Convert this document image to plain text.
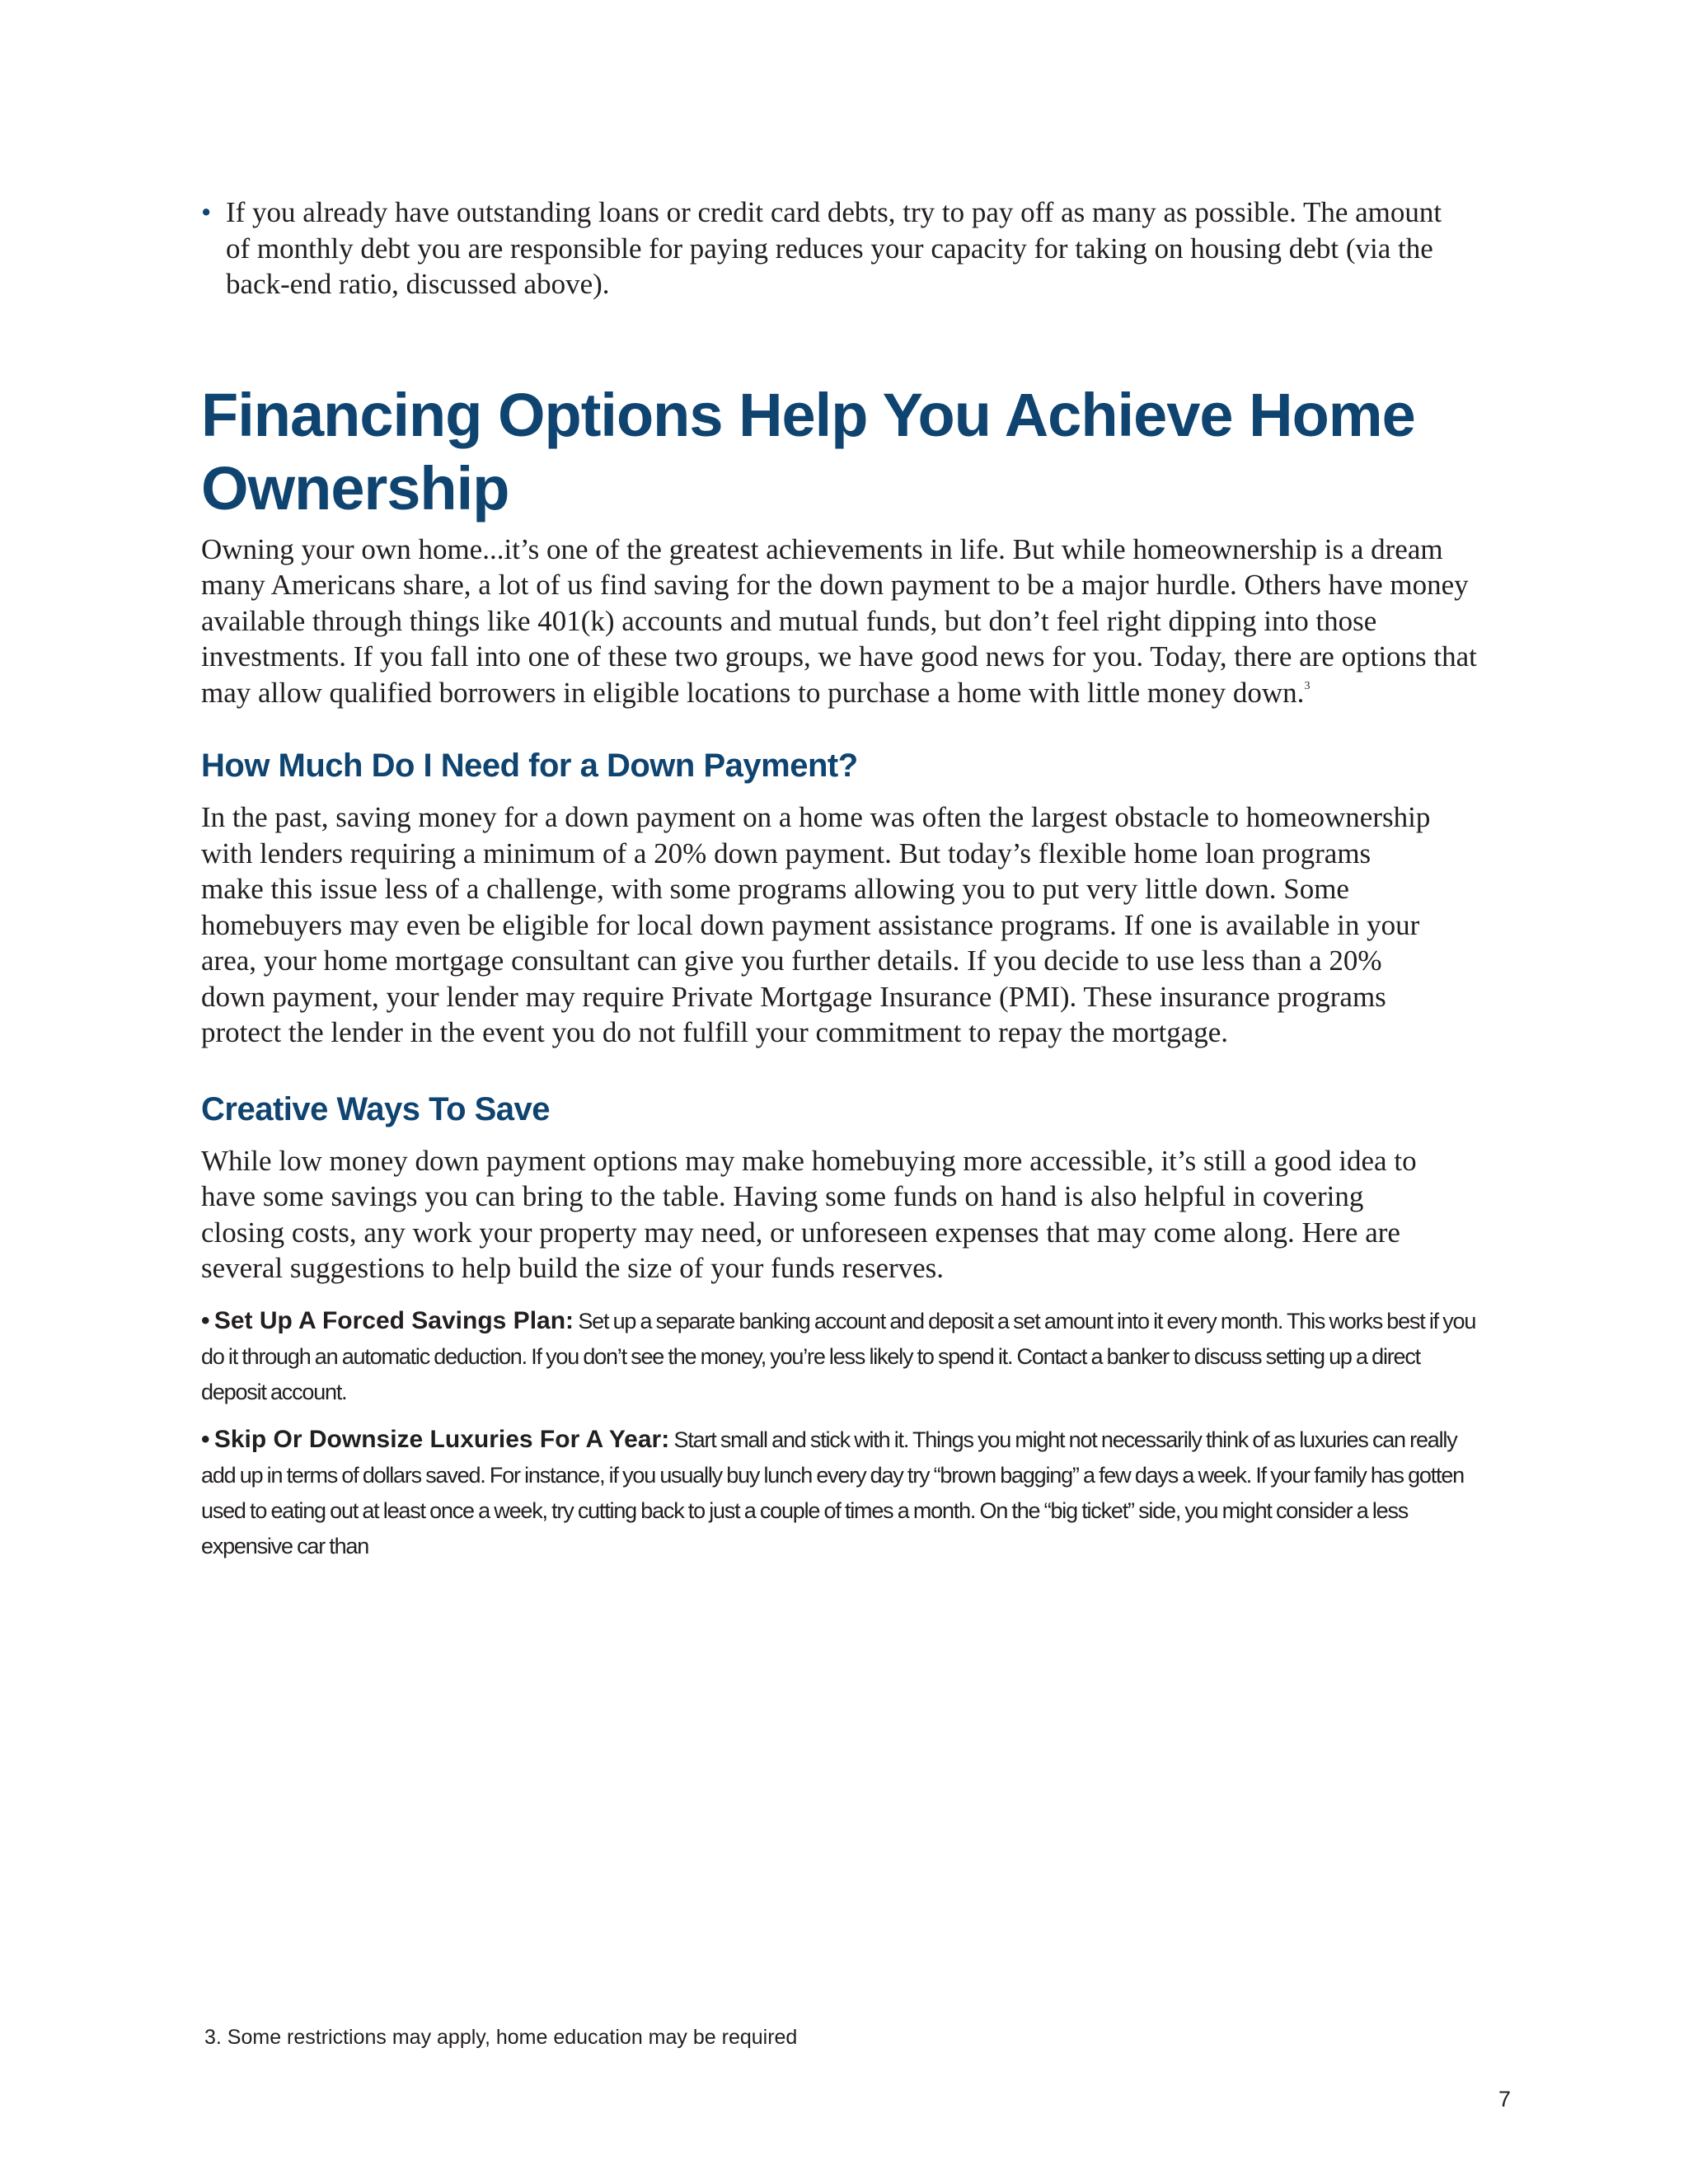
• If you already have outstanding loans or credit card debts, try to pay off as many as possible. The amount of monthly debt you are responsible for paying reduces your capacity for taking on housing debt (via the back-end ratio, discussed above).

Financing Options Help You Achieve Home
Ownership

Owning your own home...it’s one of the greatest achievements in life. But while homeownership is a dream many Americans share, a lot of us find saving for the down payment to be a major hurdle. Others have money available through things like 401(k) accounts and mutual funds, but don’t feel right dipping into those investments. If you fall into one of these two groups, we have good news for you. Today, there are options that may allow qualified borrowers in eligible locations to purchase a home with little money down.$^3$

How Much Do I Need for a Down Payment?

In the past, saving money for a down payment on a home was often the largest obstacle to homeownership with lenders requiring a minimum of a 20% down payment. But today’s flexible home loan programs make this issue less of a challenge, with some programs allowing you to put very little down. Some homebuyers may even be eligible for local down payment assistance programs. If one is available in your area, your home mortgage consultant can give you further details. If you decide to use less than a 20% down payment, your lender may require Private Mortgage Insurance (PMI). These insurance programs protect the lender in the event you do not fulfill your commitment to repay the mortgage.

Creative Ways To Save

While low money down payment options may make homebuying more accessible, it’s still a good idea to have some savings you can bring to the table. Having some funds on hand is also helpful in covering closing costs, any work your property may need, or unforeseen expenses that may come along. Here are several suggestions to help build the size of your funds reserves.

• Set Up A Forced Savings Plan: Set up a separate banking account and deposit a set amount into it every month. This works best if you do it through an automatic deduction. If you don’t see the money, you’re less likely to spend it. Contact a banker to discuss setting up a direct deposit account.

• Skip Or Downsize Luxuries For A Year: Start small and stick with it. Things you might not necessarily think of as luxuries can really add up in terms of dollars saved. For instance, if you usually buy lunch every day try “brown bagging” a few days a week. If your family has gotten used to eating out at least once a week, try cutting back to just a couple of times a month. On the “big ticket” side, you might consider a less expensive car than

3. Some restrictions may apply, home education may be required
7
